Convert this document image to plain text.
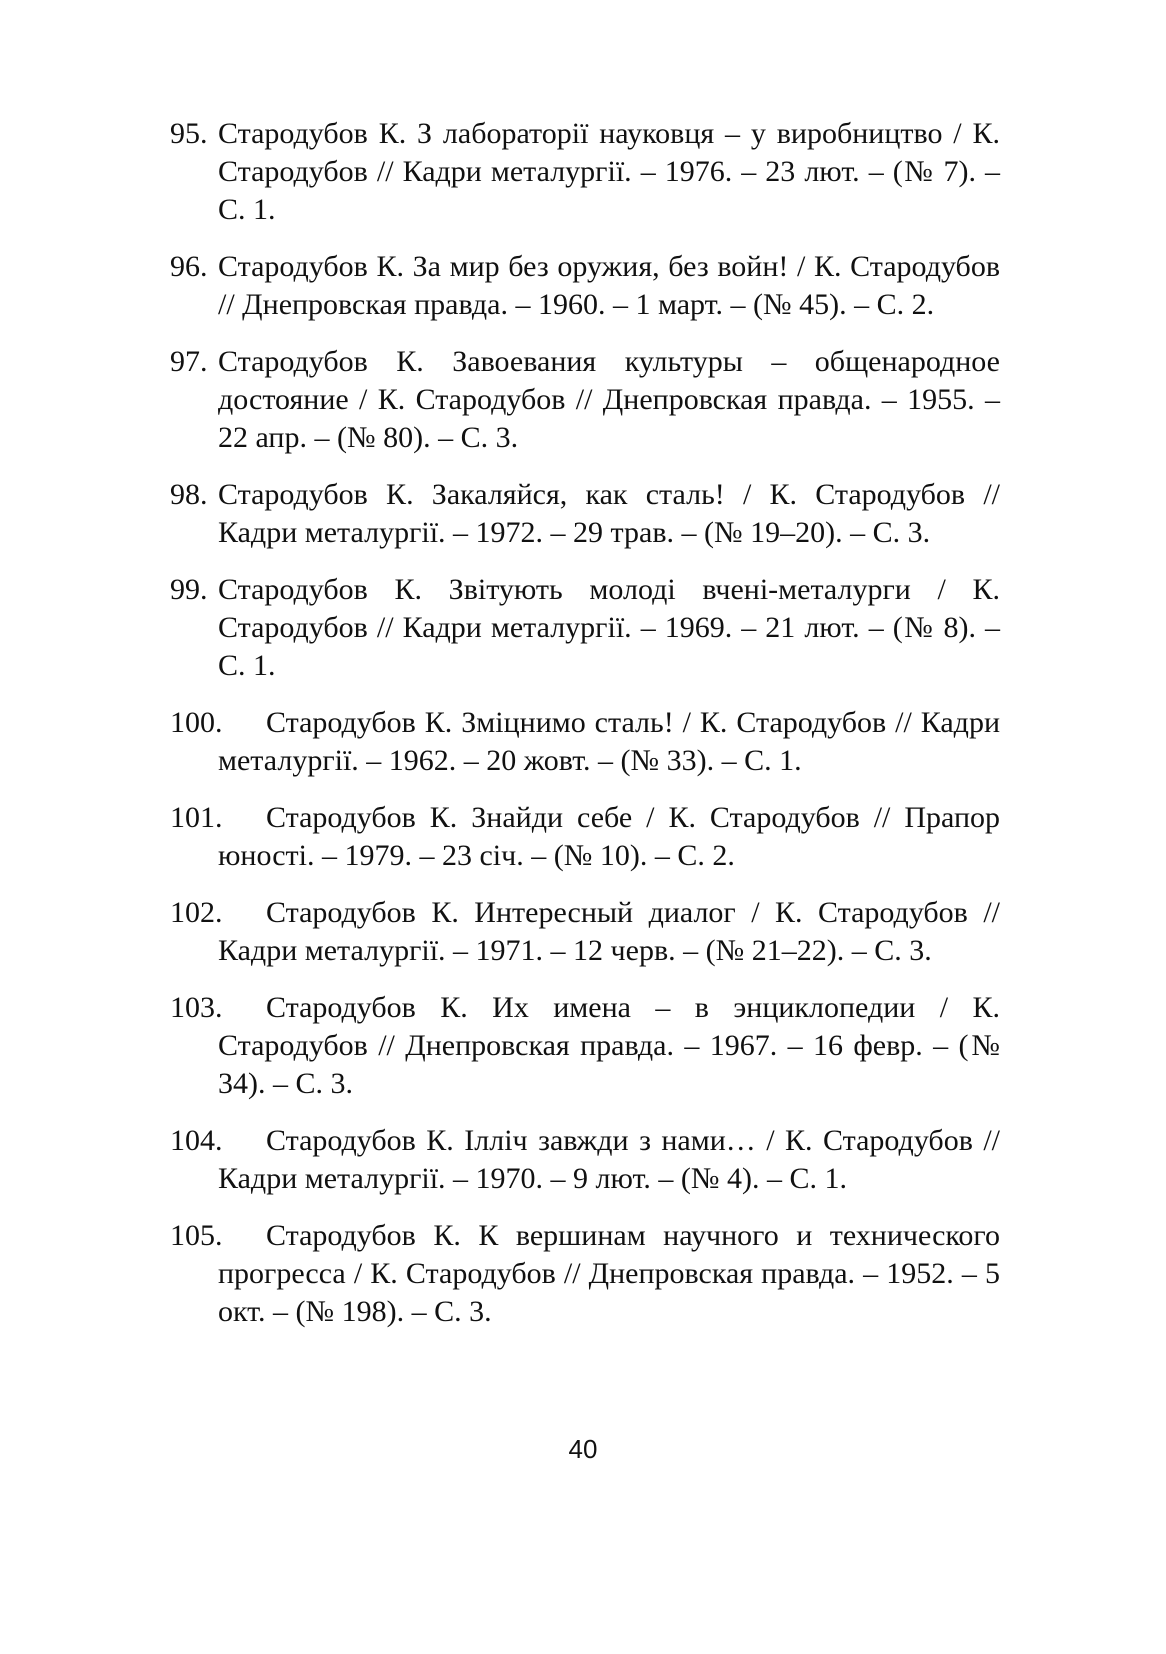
95. Стародубов К. З лабораторії науковця – у виробництво / К. Стародубов // Кадри металургії. – 1976. – 23 лют. – (№ 7). – С. 1.
96. Стародубов К. За мир без оружия, без войн! / К. Стародубов // Днепровская правда. – 1960. – 1 март. – (№ 45). – С. 2.
97. Стародубов К. Завоевания культуры – общенародное достояние / К. Стародубов // Днепровская правда. – 1955. – 22 апр. – (№ 80). – С. 3.
98. Стародубов К. Закаляйся, как сталь! / К. Стародубов // Кадри металургії. – 1972. – 29 трав. – (№ 19–20). – С. 3.
99. Стародубов К. Звітують молоді вчені-металурги / К. Стародубов // Кадри металургії. – 1969. – 21 лют. – (№ 8). – С. 1.
100.	Стародубов К. Зміцнимо сталь! / К. Стародубов // Кадри металургії. – 1962. – 20 жовт. – (№ 33). – С. 1.
101.	Стародубов К. Знайди себе / К. Стародубов // Прапор юності. – 1979. – 23 січ. – (№ 10). – С. 2.
102.	Стародубов К. Интересный диалог / К. Стародубов // Кадри металургії. – 1971. – 12 черв. – (№ 21–22). – С. 3.
103.	Стародубов К. Их имена – в энциклопедии / К. Стародубов // Днепровская правда. – 1967. – 16 февр. – (№ 34). – С. 3.
104.	Стародубов К. Ілліч завжди з нами… / К. Стародубов // Кадри металургії. – 1970. – 9 лют. – (№ 4). – С. 1.
105.	Стародубов К. К вершинам научного и технического прогресса / К. Стародубов // Днепровская правда. – 1952. – 5 окт. – (№ 198). – С. 3.
40
